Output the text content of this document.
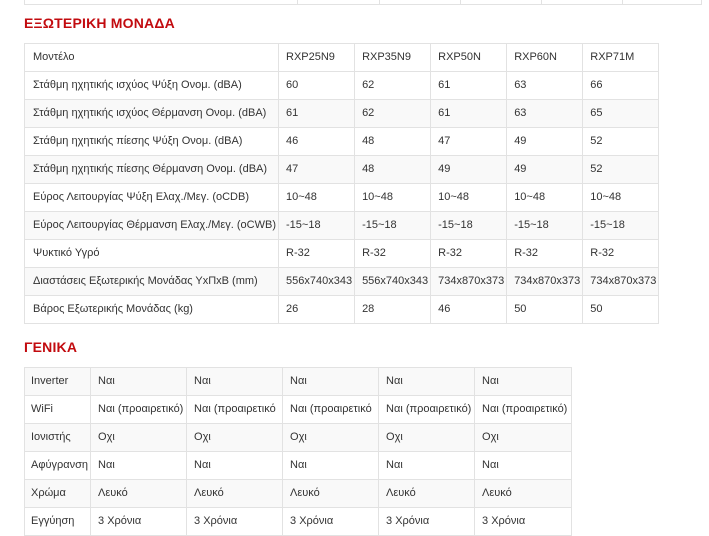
ΕΞΩΤΕΡΙΚΗ ΜΟΝΑΔΑ
Μοντέλο	RXP25N9	RXP35N9	RXP50N	RXP60N	RXP71M
Στάθμη ηχητικής ισχύος Ψύξη Ονομ. (dBA)	60	62	61	63	66
Στάθμη ηχητικής ισχύος Θέρμανση Ονομ. (dBA)	61	62	61	63	65
Στάθμη ηχητικής πίεσης Ψύξη Ονομ. (dBA)	46	48	47	49	52
Στάθμη ηχητικής πίεσης Θέρμανση Ονομ. (dBA)	47	48	49	49	52
Εύρος Λειτουργίας Ψύξη Ελαχ./Μεγ. (oCDB)	10~48	10~48	10~48	10~48	10~48
Εύρος Λειτουργίας Θέρμανση Ελαχ./Μεγ. (oCWB)	-15~18	-15~18	-15~18	-15~18	-15~18
Ψυκτικό Υγρό	R-32	R-32	R-32	R-32	R-32
Διαστάσεις Εξωτερικής Μονάδας ΥxΠxΒ (mm)	556x740x343	556x740x343	734x870x373	734x870x373	734x870x373
Βάρος Εξωτερικής Μονάδας (kg)	26	28	46	50	50
ΓΕΝΙΚΑ
Inverter	Ναι	Ναι	Ναι	Ναι	Ναι
WiFi	Ναι (προαιρετικό)	Ναι (προαιρετικό	Ναι (προαιρετικό	Ναι (προαιρετικό)	Ναι (προαιρετικό)
Ιονιστής	Οχι	Οχι	Οχι	Οχι	Οχι
Αφύγρανση	Ναι	Ναι	Ναι	Ναι	Ναι
Χρώμα	Λευκό	Λευκό	Λευκό	Λευκό	Λευκό
Εγγύηση	3 Χρόνια	3 Χρόνια	3 Χρόνια	3 Χρόνια	3 Χρόνια
